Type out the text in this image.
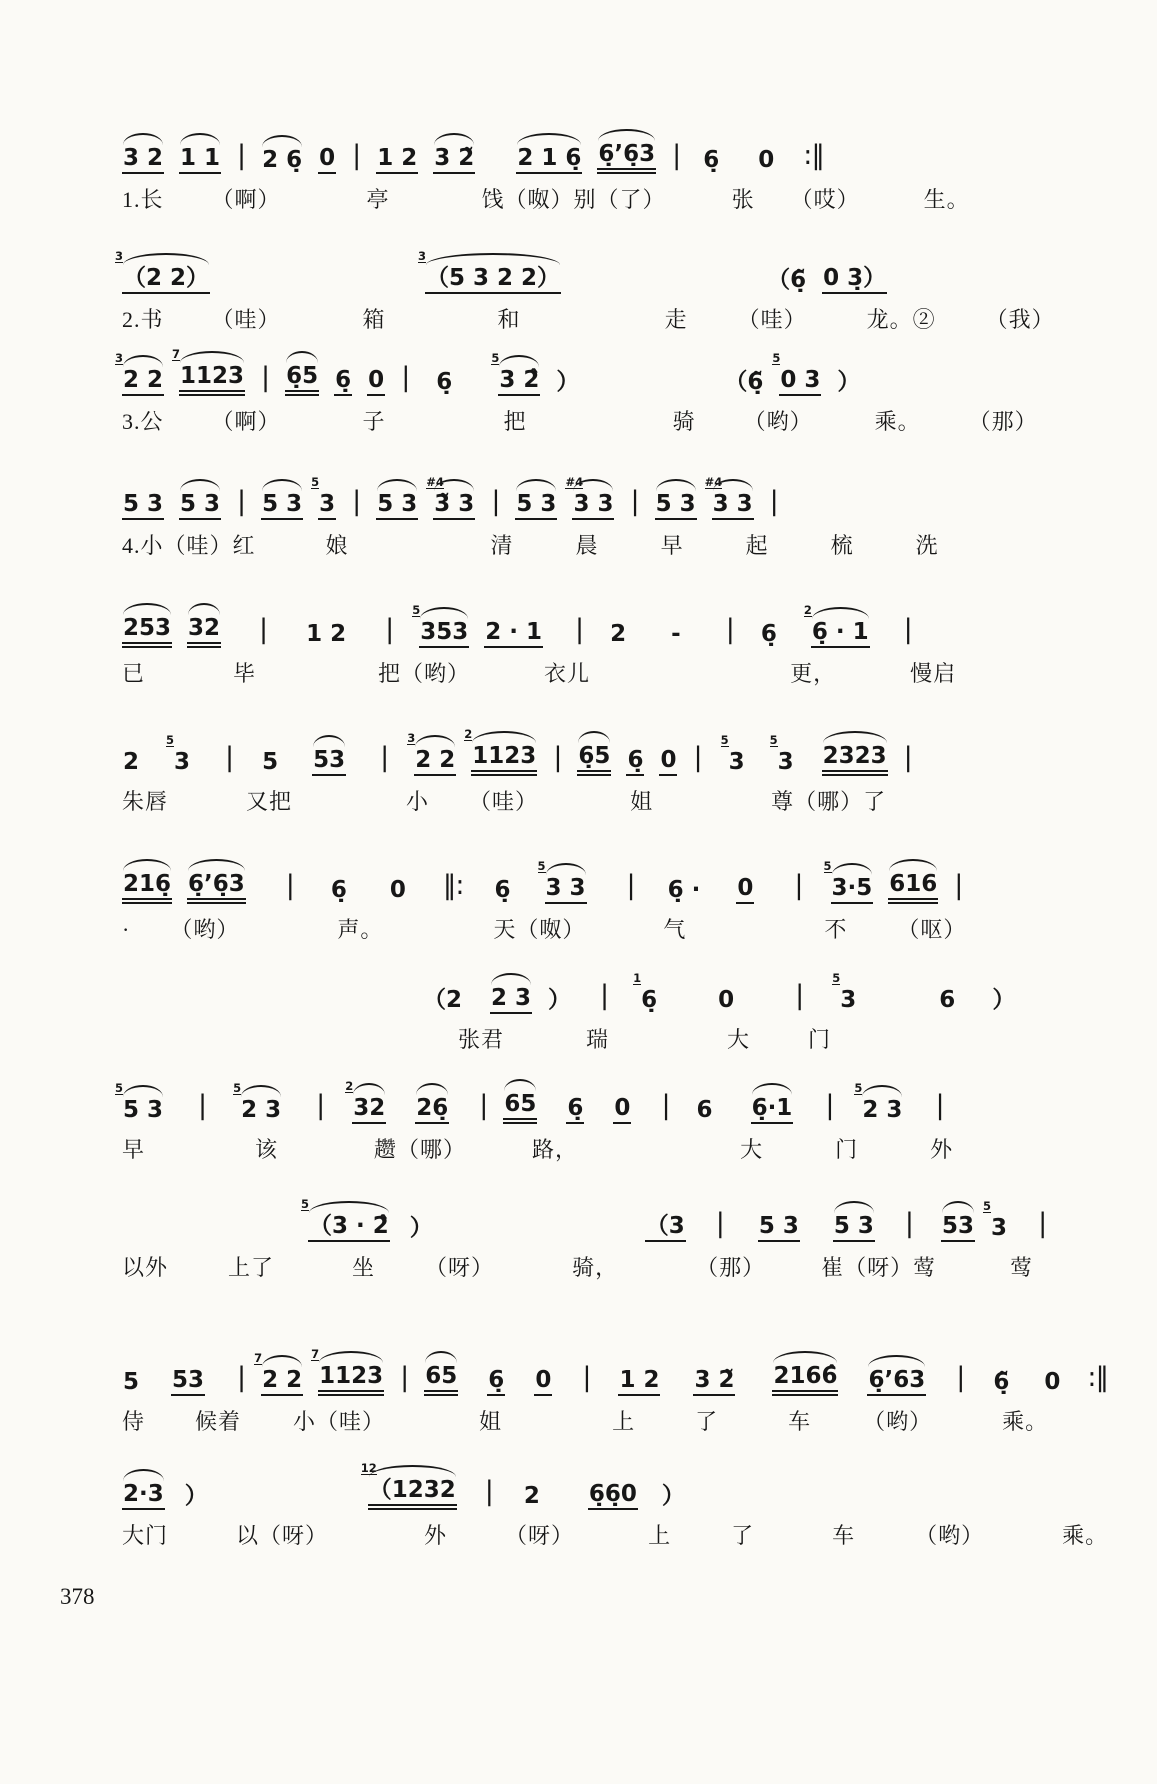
3 2 1 1 | 2 6̣ 0 | 1 2 3 2̃ 2 1 6̣ 6̣’6̣3 | 6̣ 0 :‖
1.长 （啊）	亭	饯（呶）别（了）	张 （哎）	生。
3
（2 2）
3
（5 3 2 2）	（6̣̃ 0 3̣）
2.书 （哇）	箱	和	走 （哇）	龙。② （我）
3
2 2
7
1123 | 6̣5 6̣ 0 | 6̣
5
3 2̂ ）	（6̣̃
5
0 3 ）
3.公 （啊）	子	把	骑 （哟）	乘。 （那）
5 3 5 3 | 5 3
5
3 | 5 3
#4
3̃ 3 | 5 3
#4
3 3 | 5 3
#4
3 3 |
4.小（哇）红	娘	清	晨	早	起	梳	洗
253 32 | 1 2 |
5
353 2 · 1 | 2 - | 6̣
2
6̣ · 1 |
已	毕	把（哟）	衣儿	更，	慢启
2
5
3 | 5 53 |
3
2 2
2
1123 | 6̣5 6̣ 0 |
5
3
5
3 2323 |
朱唇	又把	小 （哇）	姐	尊（哪）了
216̣ 6̣’6̣3 | 6̣ 0 ‖: 6̣
5
3 3 | 6̣ · 0 |
5
3·5 616 |
· （哟）	声。	天（呶）	气	不 （呕）
（2 2 3 ） |
1
6̣	0 |
5
3	6 ）
张君	瑞	大	门
5
5 3 |
5
2 3 |
2
32 26̣ | 65 6̣ 0 | 6 6̣·1 |
5
2 3 |
早	该	趱（哪）	路，	大	门	外
5
（3 · 2̂ ）	（3 | 5 3 5 3 | 53
5
3 |
以外	上了	坐 （呀）	骑，	（那）	崔（呀）莺	莺
5 53 |
7
2 2
7
1123 | 65 6̣ 0 | 1 2 3 2̃ 2166̂ 6̣’63 | 6̣̃ 0 :‖
侍 候着 小（哇）	姐	上	了	车 （哟）	乘。
2·3 ）
12
（1232 | 2 6̣6̣0 ）
大门	以（呀）	外	（呀）	上	了	车	（哟）	乘。
378
